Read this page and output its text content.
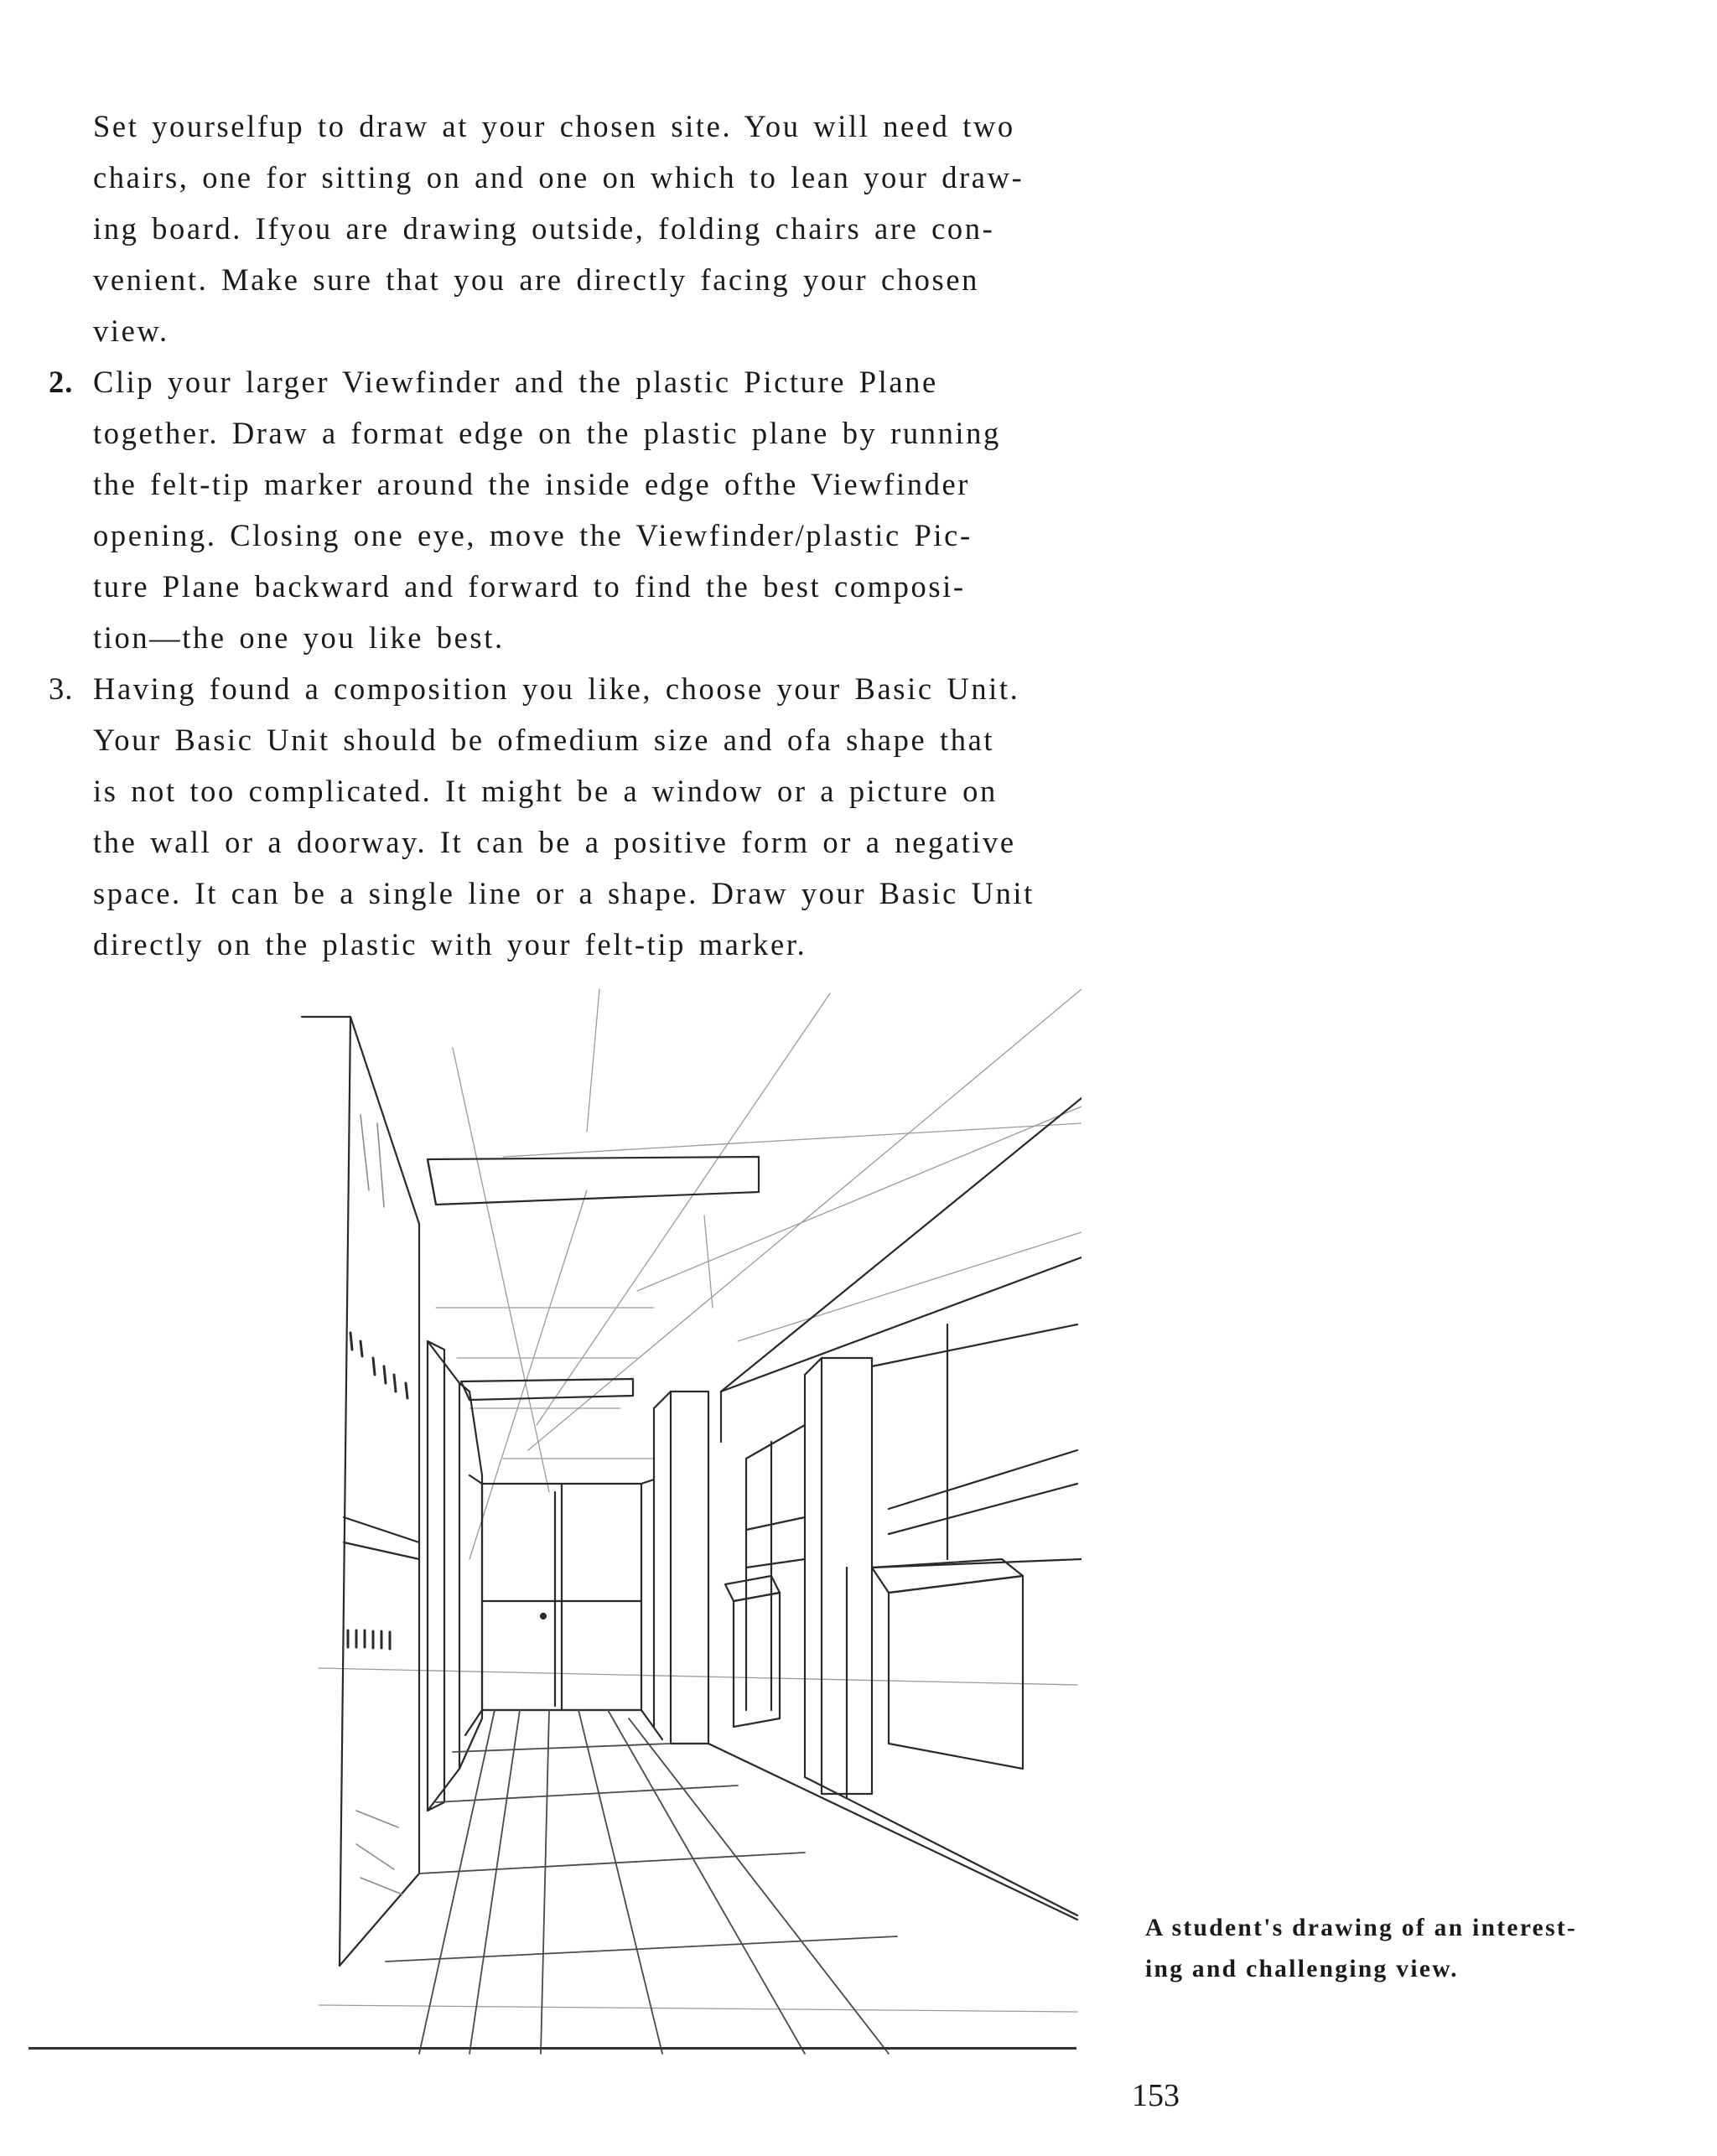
Set yourselfup to draw at your chosen site. You will need two

chairs, one for sitting on and one on which to lean your draw-

ing board. Ifyou are drawing outside, folding chairs are con-

venient. Make sure that you are directly facing your chosen

view.

2. Clip your larger Viewfinder and the plastic Picture Plane

together. Draw a format edge on the plastic plane by running

the felt-tip marker around the inside edge ofthe Viewfinder

opening. Closing one eye, move the Viewfinder/plastic Pic-

ture Plane backward and forward to find the best composi-

tion—the one you like best.

3. Having found a composition you like, choose your Basic Unit.

Your Basic Unit should be ofmedium size and ofa shape that

is not too complicated. It might be a window or a picture on

the wall or a doorway. It can be a positive form or a negative

space. It can be a single line or a shape. Draw your Basic Unit

directly on the plastic with your felt-tip marker.

A student's drawing of an interest-
ing and challenging view.

153
